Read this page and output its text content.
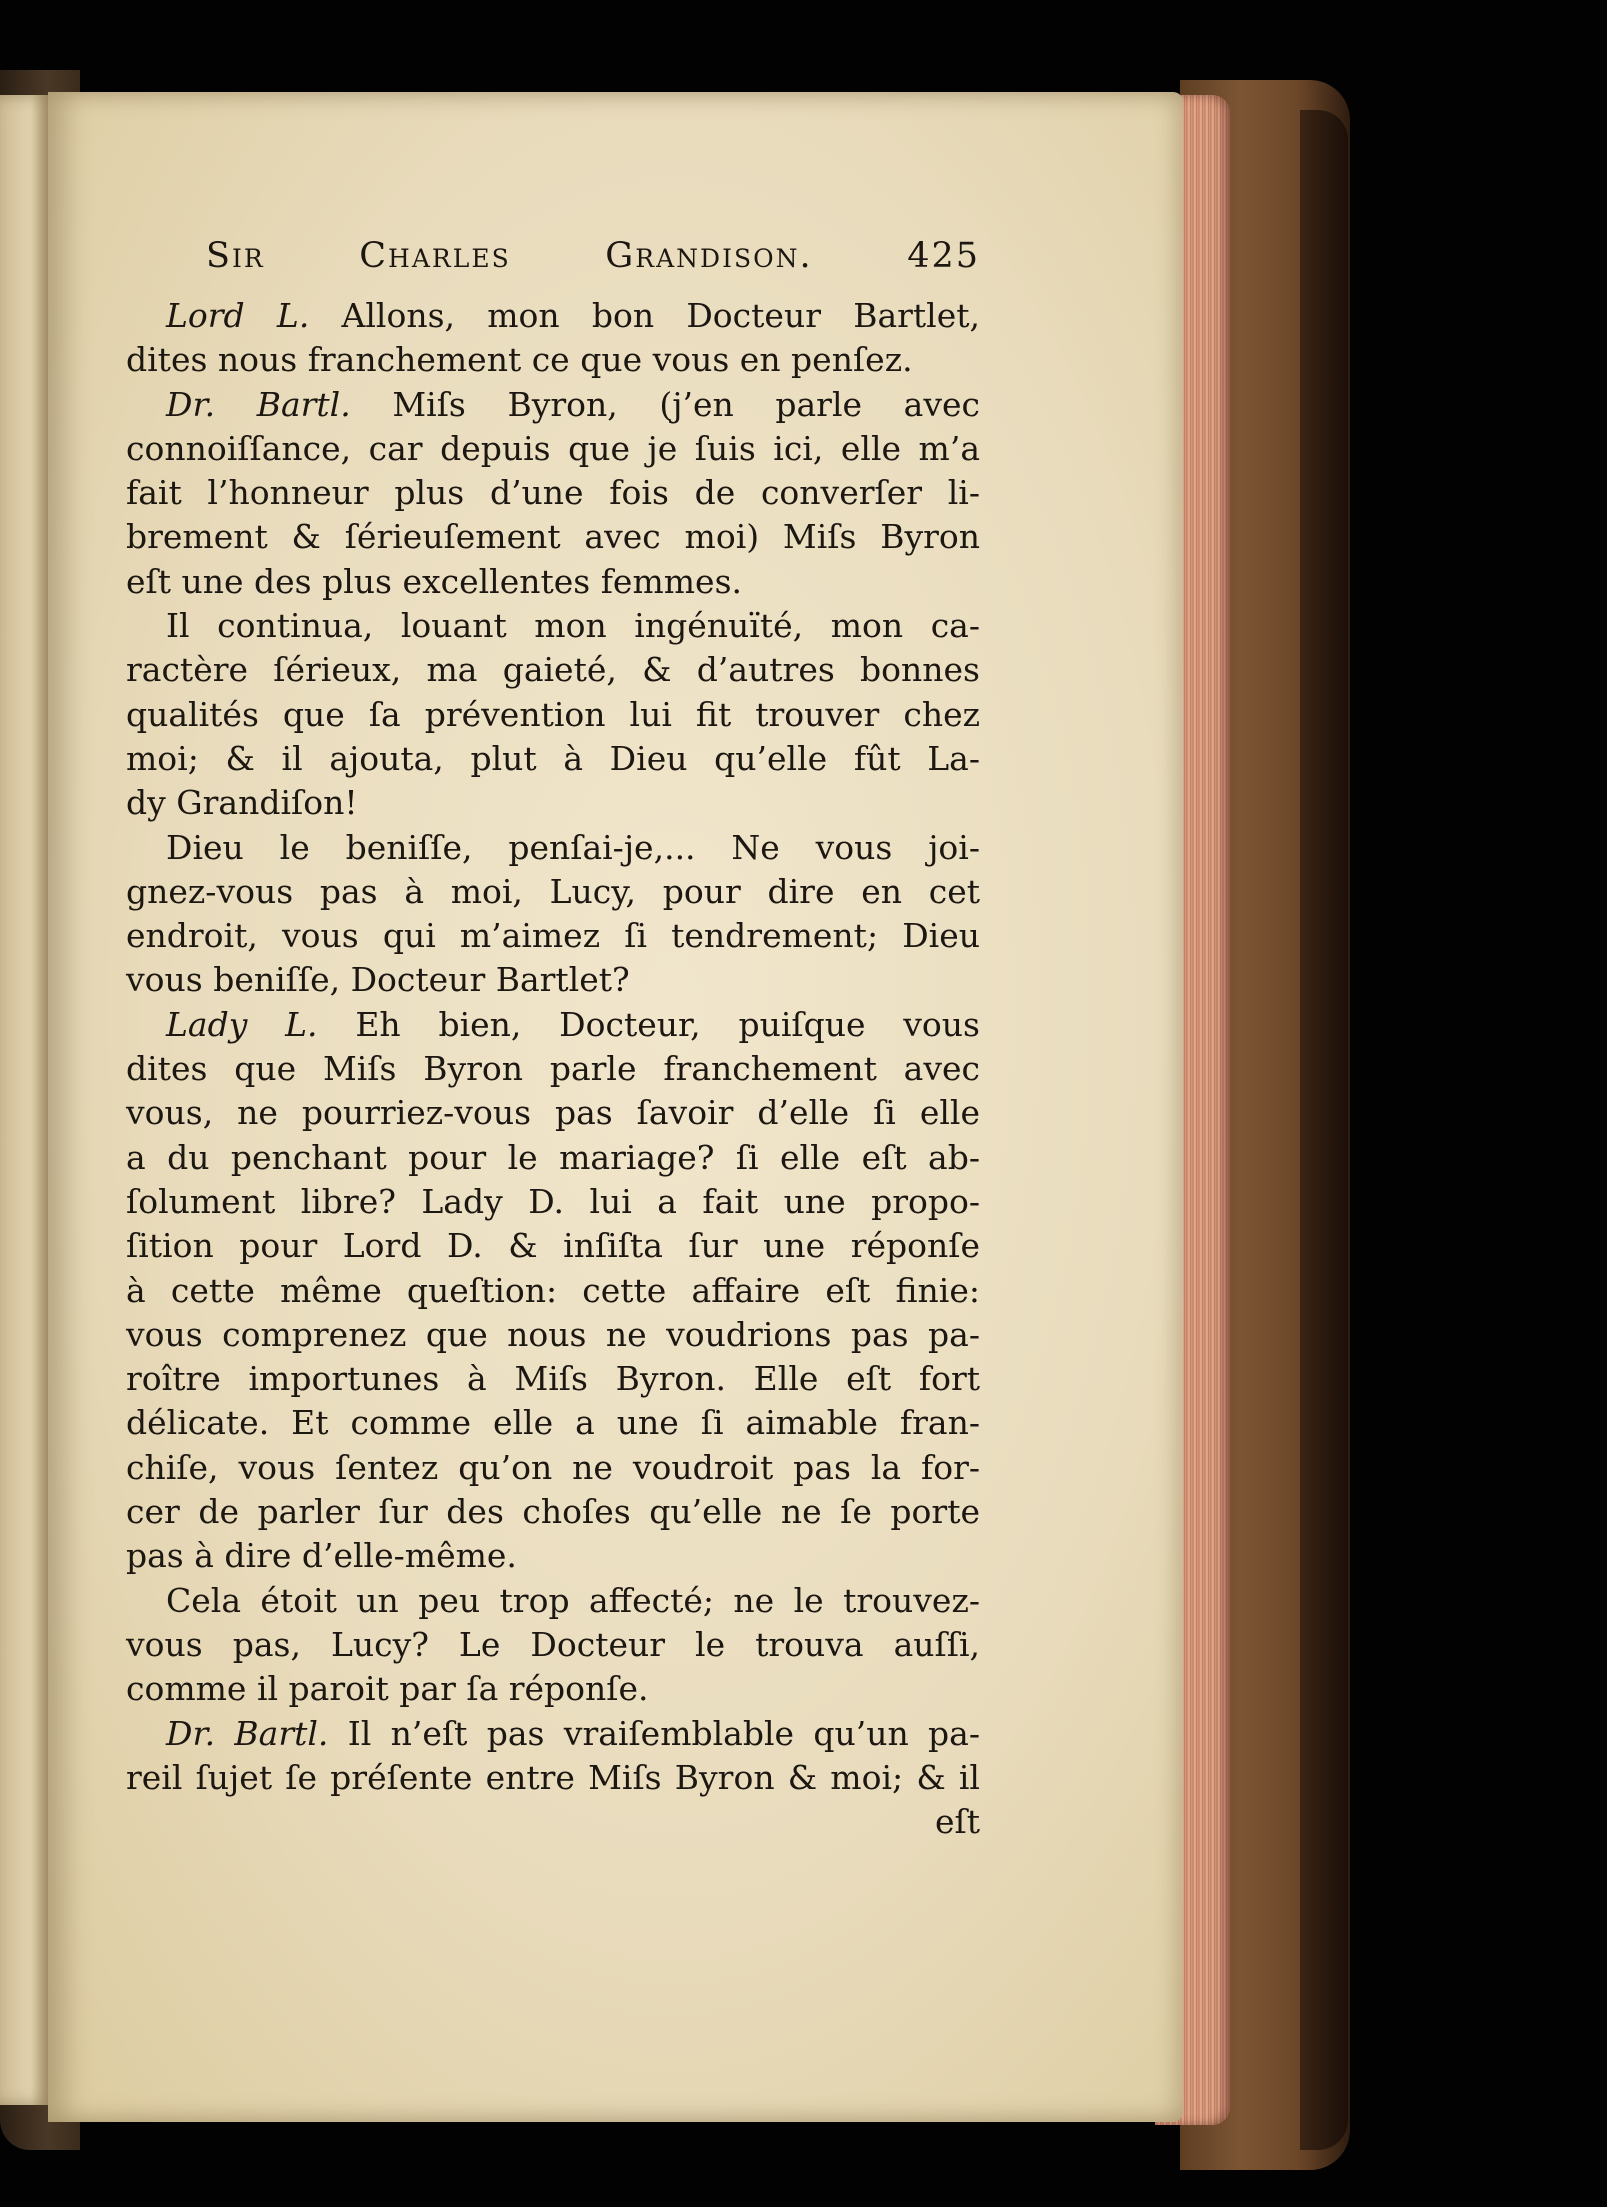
Sir Charles Grandison.	425
Lord L. Allons, mon bon Docteur Bartlet,
dites nous franchement ce que vous en penſez.
Dr. Bartl. Miſs Byron, (j’en parle avec
connoiſſance, car depuis que je ſuis ici, elle m’a
fait l’honneur plus d’une fois de converſer li-
brement & ſérieuſement avec moi) Miſs Byron
eſt une des plus excellentes femmes.
Il continua, louant mon ingénuïté, mon ca-
ractère ſérieux, ma gaieté, & d’autres bonnes
qualités que ſa prévention lui fit trouver chez
moi; & il ajouta, plut à Dieu qu’elle fût La-
dy Grandiſon!
Dieu le beniſſe, penſai-je,... Ne vous joi-
gnez-vous pas à moi, Lucy, pour dire en cet
endroit, vous qui m’aimez ſi tendrement; Dieu
vous beniſſe, Docteur Bartlet?
Lady L. Eh bien, Docteur, puiſque vous
dites que Miſs Byron parle franchement avec
vous, ne pourriez-vous pas ſavoir d’elle ſi elle
a du penchant pour le mariage? ſi elle eſt ab-
ſolument libre? Lady D. lui a fait une propo-
ſition pour Lord D. & inſiſta ſur une réponſe
à cette même queſtion: cette affaire eſt finie:
vous comprenez que nous ne voudrions pas pa-
roître importunes à Miſs Byron. Elle eſt fort
délicate. Et comme elle a une ſi aimable fran-
chiſe, vous ſentez qu’on ne voudroit pas la for-
cer de parler ſur des choſes qu’elle ne ſe porte
pas à dire d’elle-même.
Cela étoit un peu trop affecté; ne le trouvez-
vous pas, Lucy? Le Docteur le trouva auſſi,
comme il paroit par ſa réponſe.
Dr. Bartl. Il n’eſt pas vraiſemblable qu’un pa-
reil ſujet ſe préſente entre Miſs Byron & moi; & il
eſt
